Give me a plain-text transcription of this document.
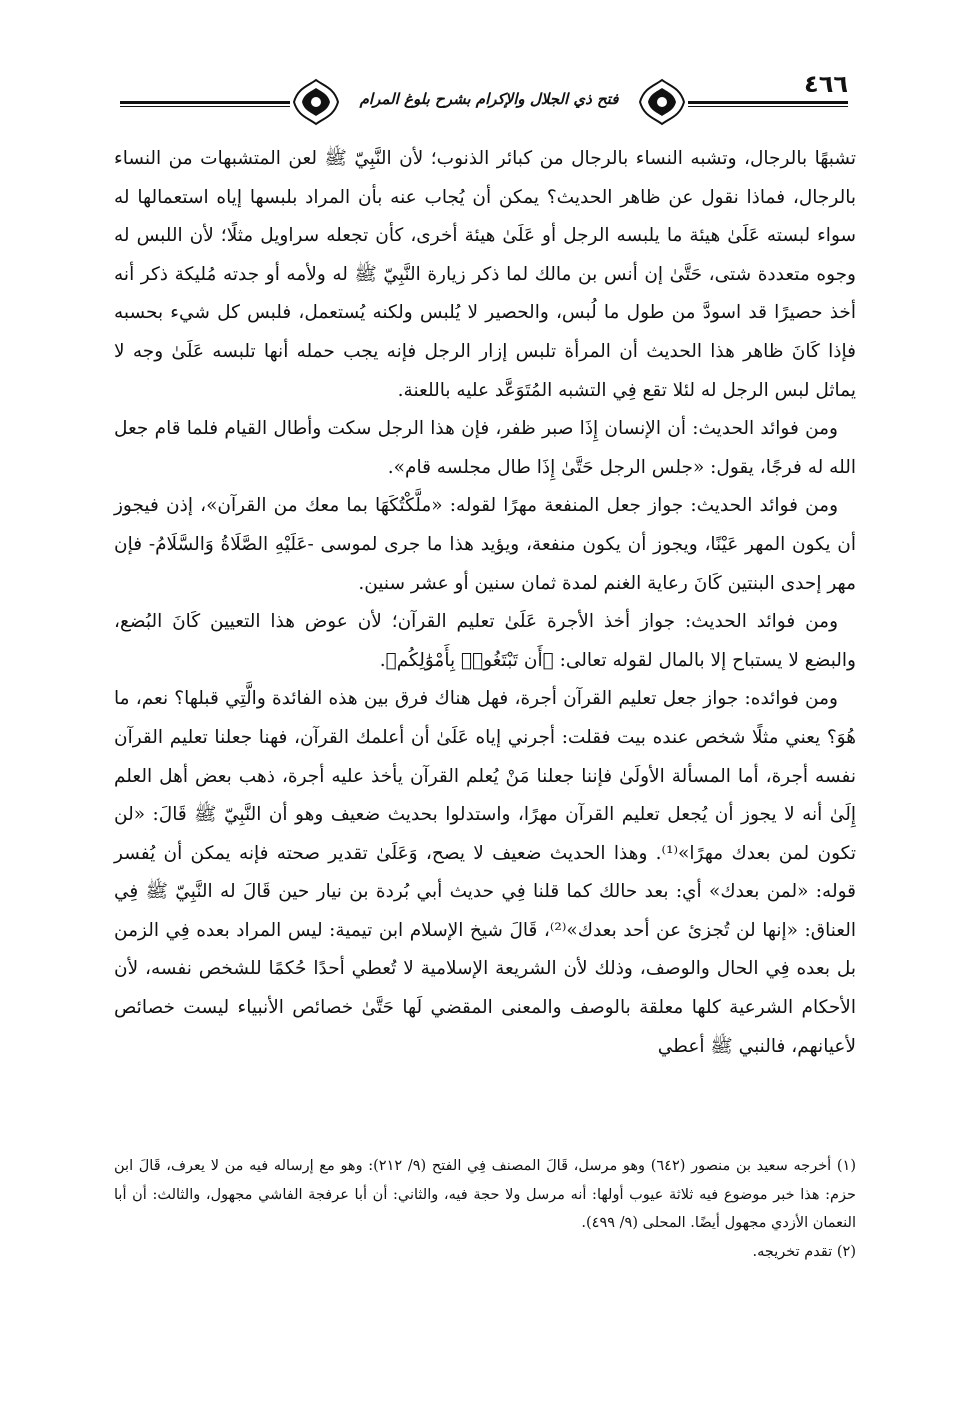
٤٦٦
فتح ذي الجلال والإكرام بشرح بلوغ المرام

تشبهًا بالرجال، وتشبه النساء بالرجال من كبائر الذنوب؛ لأن النَّبِيّ ﷺ لعن المتشبهات من النساء بالرجال، فماذا نقول عن ظاهر الحديث؟ يمكن أن يُجاب عنه بأن المراد بلبسها إياه استعمالها له سواء لبسته عَلَىٰ هيئة ما يلبسه الرجل أو عَلَىٰ هيئة أخرى، كأن تجعله سراويل مثلًا؛ لأن اللبس له وجوه متعددة شتى، حَتَّىٰ إن أنس بن مالك لما ذكر زيارة النَّبِيّ ﷺ له ولأمه أو جدته مُليكة ذكر أنه أخذ حصيرًا قد اسودَّ من طول ما لُبس، والحصير لا يُلبس ولكنه يُستعمل، فلبس كل شيء بحسبه فإذا كَانَ ظاهر هذا الحديث أن المرأة تلبس إزار الرجل فإنه يجب حمله أنها تلبسه عَلَىٰ وجه لا يماثل لبس الرجل له لئلا تقع فِي التشبه المُتَوَعَّد عليه باللعنة.

ومن فوائد الحديث: أن الإنسان إِذَا صبر ظفر، فإن هذا الرجل سكت وأطال القيام فلما قام جعل الله له فرجًا، يقول: «جلس الرجل حَتَّىٰ إِذَا طال مجلسه قام».

ومن فوائد الحديث: جواز جعل المنفعة مهرًا لقوله: «ملَّكْتُكَهَا بما معك من القرآن»، إذن فيجوز أن يكون المهر عَيْنًا، ويجوز أن يكون منفعة، ويؤيد هذا ما جرى لموسى -عَلَيْهِ الصَّلَاةُ وَالسَّلَامُ- فإن مهر إحدى البنتين كَانَ رعاية الغنم لمدة ثمان سنين أو عشر سنين.

ومن فوائد الحديث: جواز أخذ الأجرة عَلَىٰ تعليم القرآن؛ لأن عوض هذا التعيين كَانَ البُضع، والبضع لا يستباح إلا بالمال لقوله تعالى: ﴿أَن تَبْتَغُوا۟ بِأَمْوَٰلِكُم﴾.

ومن فوائده: جواز جعل تعليم القرآن أجرة، فهل هناك فرق بين هذه الفائدة والَّتِي قبلها؟ نعم، ما هُوَ؟ يعني مثلًا شخص عنده بيت فقلت: أجرني إياه عَلَىٰ أن أعلمك القرآن، فهنا جعلنا تعليم القرآن نفسه أجرة، أما المسألة الأولَىٰ فإننا جعلنا مَنْ يُعلم القرآن يأخذ عليه أجرة، ذهب بعض أهل العلم إِلَىٰ أنه لا يجوز أن يُجعل تعليم القرآن مهرًا، واستدلوا بحديث ضعيف وهو أن النَّبِيّ ﷺ قَالَ: «لن تكون لمن بعدك مهرًا»⁽¹⁾. وهذا الحديث ضعيف لا يصح، وَعَلَىٰ تقدير صحته فإنه يمكن أن يُفسر قوله: «لمن بعدك» أي: بعد حالك كما قلنا فِي حديث أبي بُردة بن نيار حين قَالَ له النَّبِيّ ﷺ فِي العناق: «إنها لن تُجزئ عن أحد بعدك»⁽²⁾، قَالَ شيخ الإسلام ابن تيمية: ليس المراد بعده فِي الزمن بل بعده فِي الحال والوصف، وذلك لأن الشريعة الإسلامية لا تُعطي أحدًا حُكمًا للشخص نفسه، لأن الأحكام الشرعية كلها معلقة بالوصف والمعنى المقضي لَها حَتَّىٰ خصائص الأنبياء ليست خصائص لأعيانهم، فالنبي ﷺ أعطي

(١) أخرجه سعيد بن منصور (٦٤٢) وهو مرسل، قَالَ المصنف فِي الفتح (٩/ ٢١٢): وهو مع إرساله فيه من لا يعرف، قَالَ ابن حزم: هذا خبر موضوع فيه ثلاثة عيوب أولها: أنه مرسل ولا حجة فيه، والثاني: أن أبا عرفجة الفاشي مجهول، والثالث: أن أبا النعمان الأزدي مجهول أيضًا. المحلى (٩/ ٤٩٩).

(٢) تقدم تخريجه.
